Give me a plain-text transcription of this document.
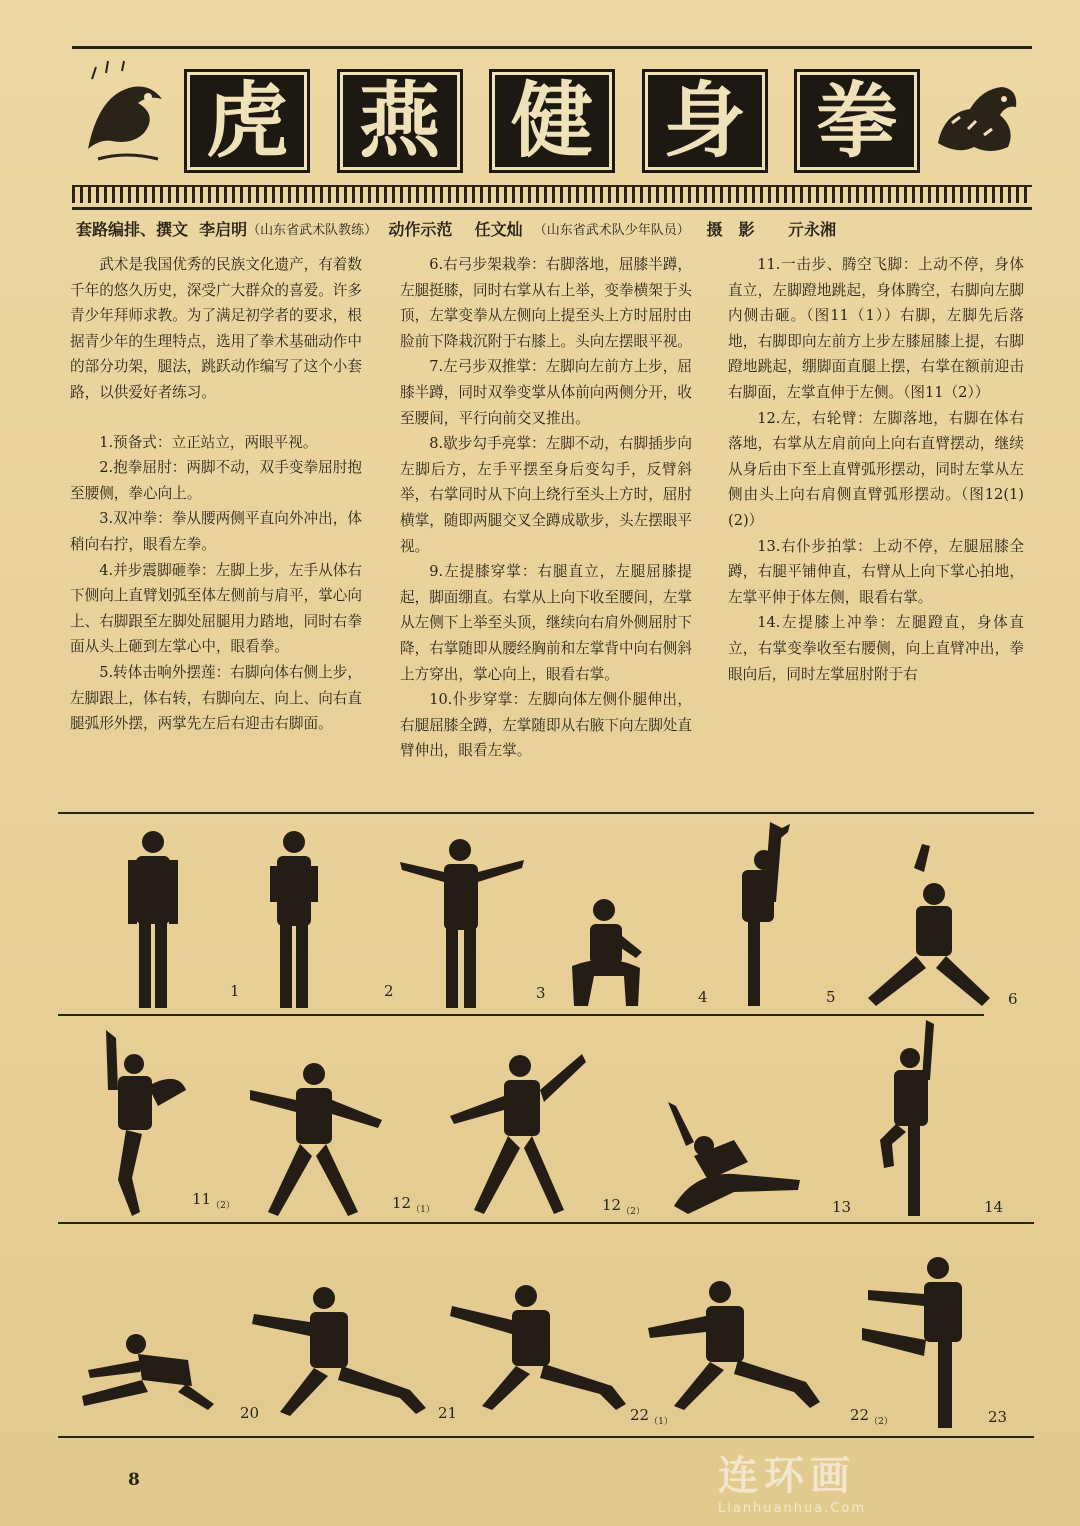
虎 燕 健 身 拳
套路编排、撰文
李启明 （山东省武术队教练）
动作示范
任文灿
（山东省武术队少年队员）
摄　影
亓永湘

武术是我国优秀的民族文化遗产，有着数千年的悠久历史，深受广大群众的喜爱。许多青少年拜师求教。为了满足初学者的要求，根据青少年的生理特点，选用了拳术基础动作中的部分功架，腿法，跳跃动作编写了这个小套路，以供爱好者练习。

1.预备式：立正站立，两眼平视。

2.抱拳屈肘：两脚不动，双手变拳屈肘抱至腰侧，拳心向上。

3.双冲拳：拳从腰两侧平直向外冲出，体稍向右拧，眼看左拳。

4.并步震脚砸拳：左脚上步，左手从体右下侧向上直臂划弧至体左侧前与肩平，掌心向上、右脚跟至左脚处屈腿用力踏地，同时右拳面从头上砸到左掌心中，眼看拳。

5.转体击响外摆莲：右脚向体右侧上步，左脚跟上，体右转，右脚向左、向上、向右直腿弧形外摆，两掌先左后右迎击右脚面。

6.右弓步架栽拳：右脚落地，屈膝半蹲，左腿挺膝，同时右掌从右上举，变拳横架于头顶，左掌变拳从左侧向上提至头上方时屈肘由脸前下降栽沉附于右膝上。头向左摆眼平视。

7.左弓步双推掌：左脚向左前方上步，屈膝半蹲，同时双拳变掌从体前向两侧分开，收至腰间，平行向前交叉推出。

8.歇步勾手亮掌：左脚不动，右脚插步向左脚后方，左手平摆至身后变勾手，反臂斜举，右掌同时从下向上绕行至头上方时，屈肘横掌，随即两腿交叉全蹲成歇步，头左摆眼平视。

9.左提膝穿掌：右腿直立，左腿屈膝提起，脚面绷直。右掌从上向下收至腰间，左掌从左侧下上举至头顶，继续向右肩外侧屈肘下降，右掌随即从腰经胸前和左掌背中向右侧斜上方穿出，掌心向上，眼看右掌。

10.仆步穿掌：左脚向体左侧仆腿伸出，右腿屈膝全蹲，左掌随即从右腋下向左脚处直臂伸出，眼看左掌。

11.一击步、腾空飞脚：上动不停，身体直立，左脚蹬地跳起，身体腾空，右脚向左脚内侧击砸。（图11（1））右脚，左脚先后落地，右脚即向左前方上步左膝屈膝上提，右脚蹬地跳起，绷脚面直腿上摆，右掌在额前迎击右脚面，左掌直伸于左侧。（图11（2））

12.左，右轮臂：左脚落地，右脚在体右落地，右掌从左肩前向上向右直臂摆动，继续从身后由下至上直臂弧形摆动，同时左掌从左侧由头上向右肩侧直臂弧形摆动。（图12(1)(2)）

13.右仆步拍掌：上动不停，左腿屈膝全蹲，右腿平铺伸直，右臂从上向下掌心拍地，左掌平伸于体左侧，眼看右掌。

14.左提膝上冲拳：左腿蹬直，身体直立，右掌变拳收至右腰侧，向上直臂冲出，拳眼向后，同时左掌屈肘附于右

1	2	3	4	5	6
$11_{(2)}$	$12_{(1)}$	$12_{(2)}$	13	14
20	21	$22_{(1)}$	$22_{(2)}$	23
8	连环画
Lianhuanhua.Com
